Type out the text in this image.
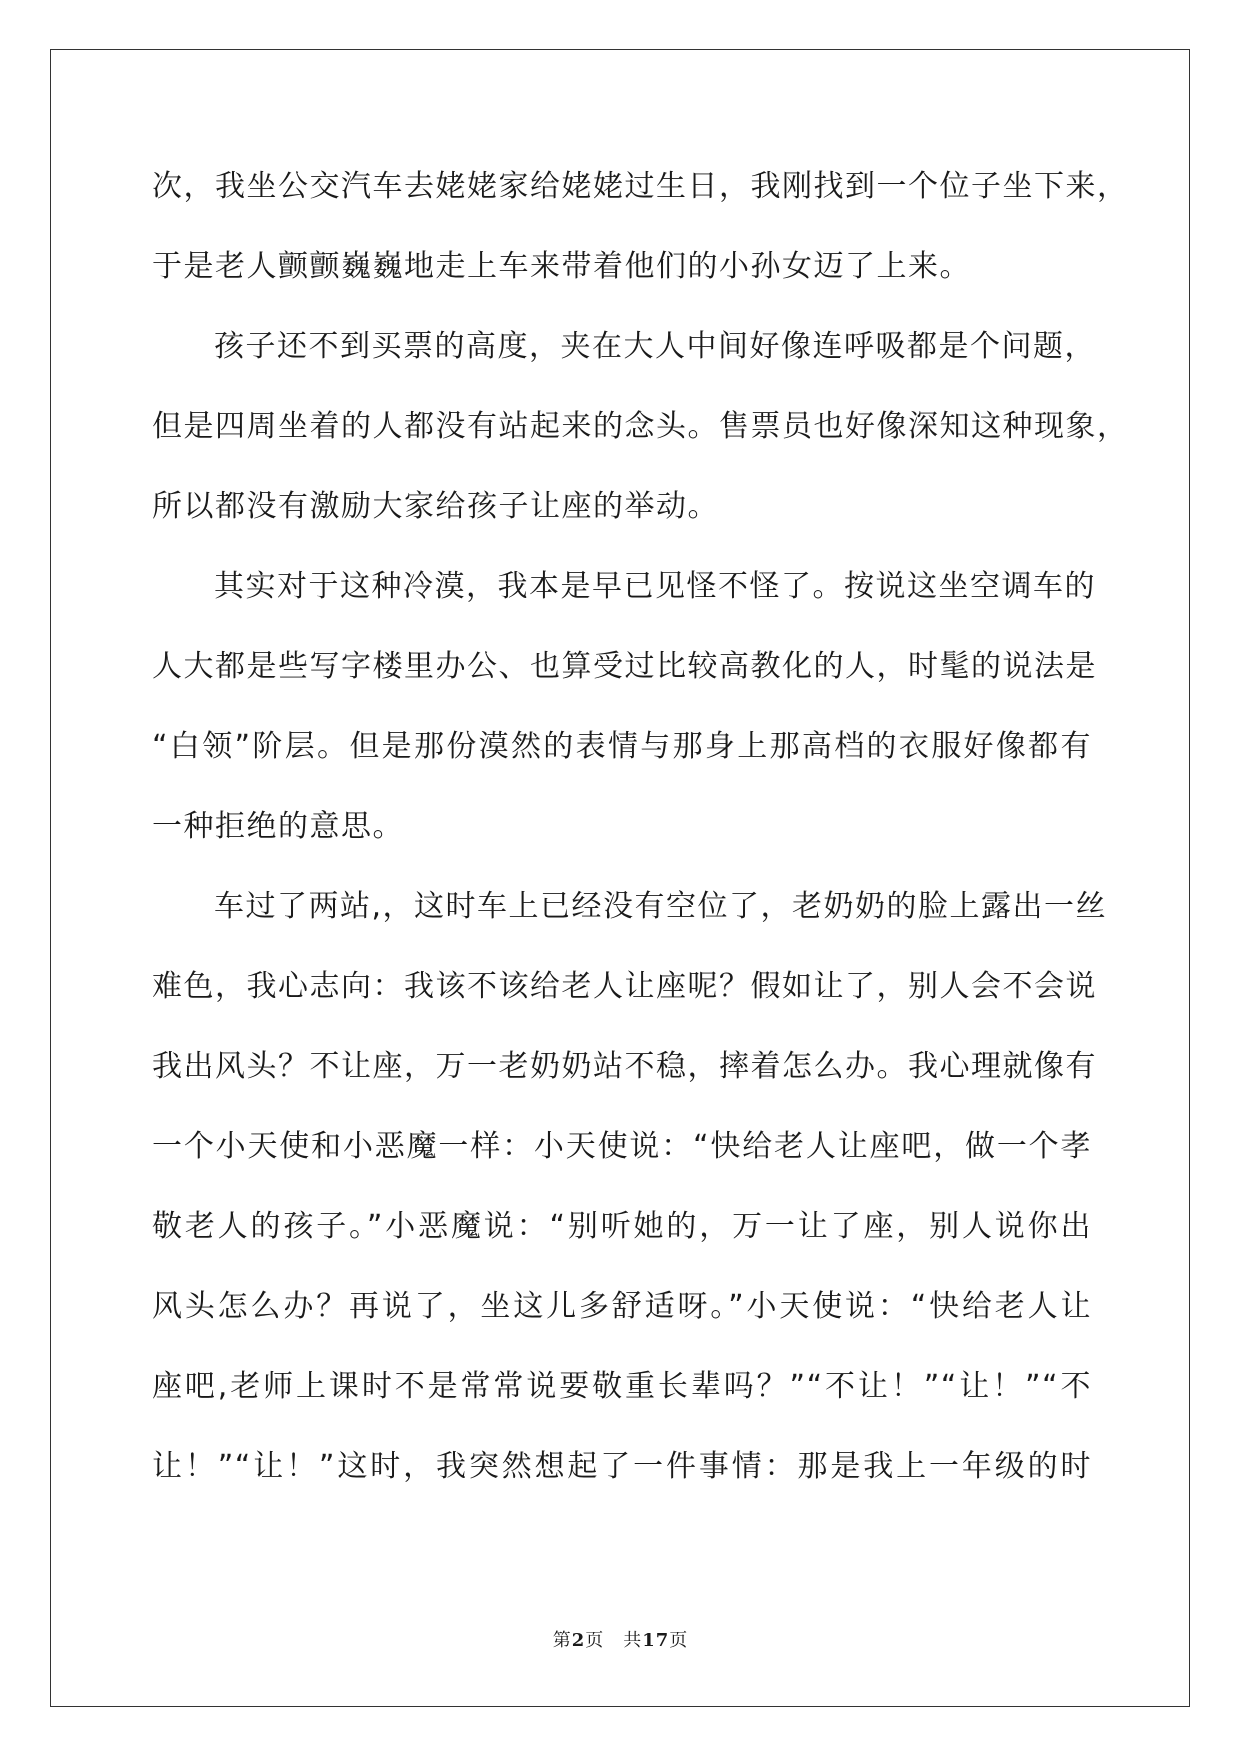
次，我坐公交汽车去姥姥家给姥姥过生日，我刚找到一个位子坐下来，
于是老人颤颤巍巍地走上车来带着他们的小孙女迈了上来。
孩子还不到买票的高度，夹在大人中间好像连呼吸都是个问题，
但是四周坐着的人都没有站起来的念头。售票员也好像深知这种现象，
所以都没有激励大家给孩子让座的举动。
其实对于这种冷漠，我本是早已见怪不怪了。按说这坐空调车的
人大都是些写字楼里办公、也算受过比较高教化的人，时髦的说法是
“白领”阶层。但是那份漠然的表情与那身上那高档的衣服好像都有
一种拒绝的意思。
车过了两站,，这时车上已经没有空位了，老奶奶的脸上露出一丝
难色，我心志向：我该不该给老人让座呢？假如让了，别人会不会说
我出风头？不让座，万一老奶奶站不稳，摔着怎么办。我心理就像有
一个小天使和小恶魔一样：小天使说：“快给老人让座吧，做一个孝
敬老人的孩子。”小恶魔说：“别听她的，万一让了座，别人说你出
风头怎么办？再说了，坐这儿多舒适呀。”小天使说：“快给老人让
座吧,老师上课时不是常常说要敬重长辈吗？”“不让！”“让！”“不
让！”“让！”这时，我突然想起了一件事情：那是我上一年级的时
第2页　共17页
